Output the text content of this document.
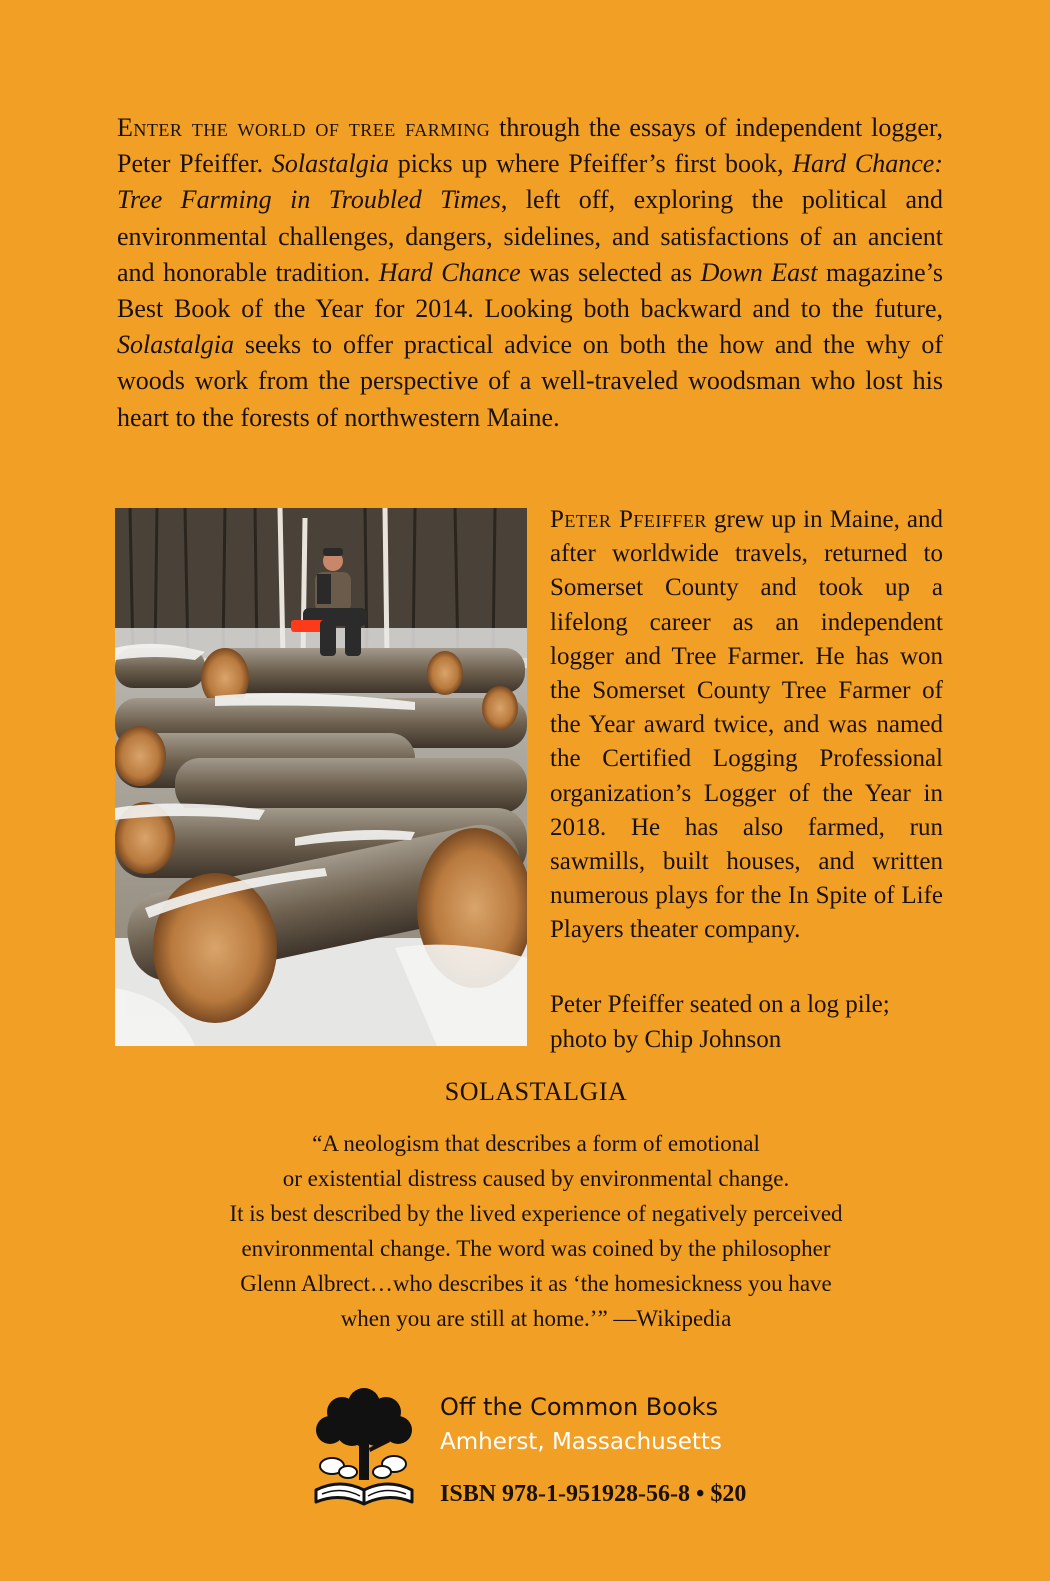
Enter the world of tree farming through the essays of independent logger, Peter Pfeiffer. Solastalgia picks up where Pfeiffer’s first book, Hard Chance: Tree Farming in Troubled Times, left off, exploring the political and environmental challenges, dangers, sidelines, and satisfactions of an ancient and honorable tradition. Hard Chance was selected as Down East magazine’s Best Book of the Year for 2014. Looking both backward and to the future, Solastalgia seeks to offer practical advice on both the how and the why of woods work from the perspective of a well-traveled woodsman who lost his heart to the forests of northwestern Maine.
Peter Pfeiffer grew up in Maine, and after worldwide travels, returned to Somerset County and took up a lifelong career as an independent logger and Tree Farmer. He has won the Somerset County Tree Farmer of the Year award twice, and was named the Certified Logging Professional organization’s Logger of the Year in 2018. He has also farmed, run sawmills, built houses, and written numerous plays for the In Spite of Life Players theater company.
Peter Pfeiffer seated on a log pile;
photo by Chip Johnson
SOLASTALGIA
“A neologism that describes a form of emotional
or existential distress caused by environmental change.
It is best described by the lived experience of negatively perceived
environmental change. The word was coined by the philosopher
Glenn Albrect…who describes it as ‘the homesickness you have
when you are still at home.’” —Wikipedia
Off the Common Books
Amherst, Massachusetts
ISBN 978-1-951928-56-8 • $20
